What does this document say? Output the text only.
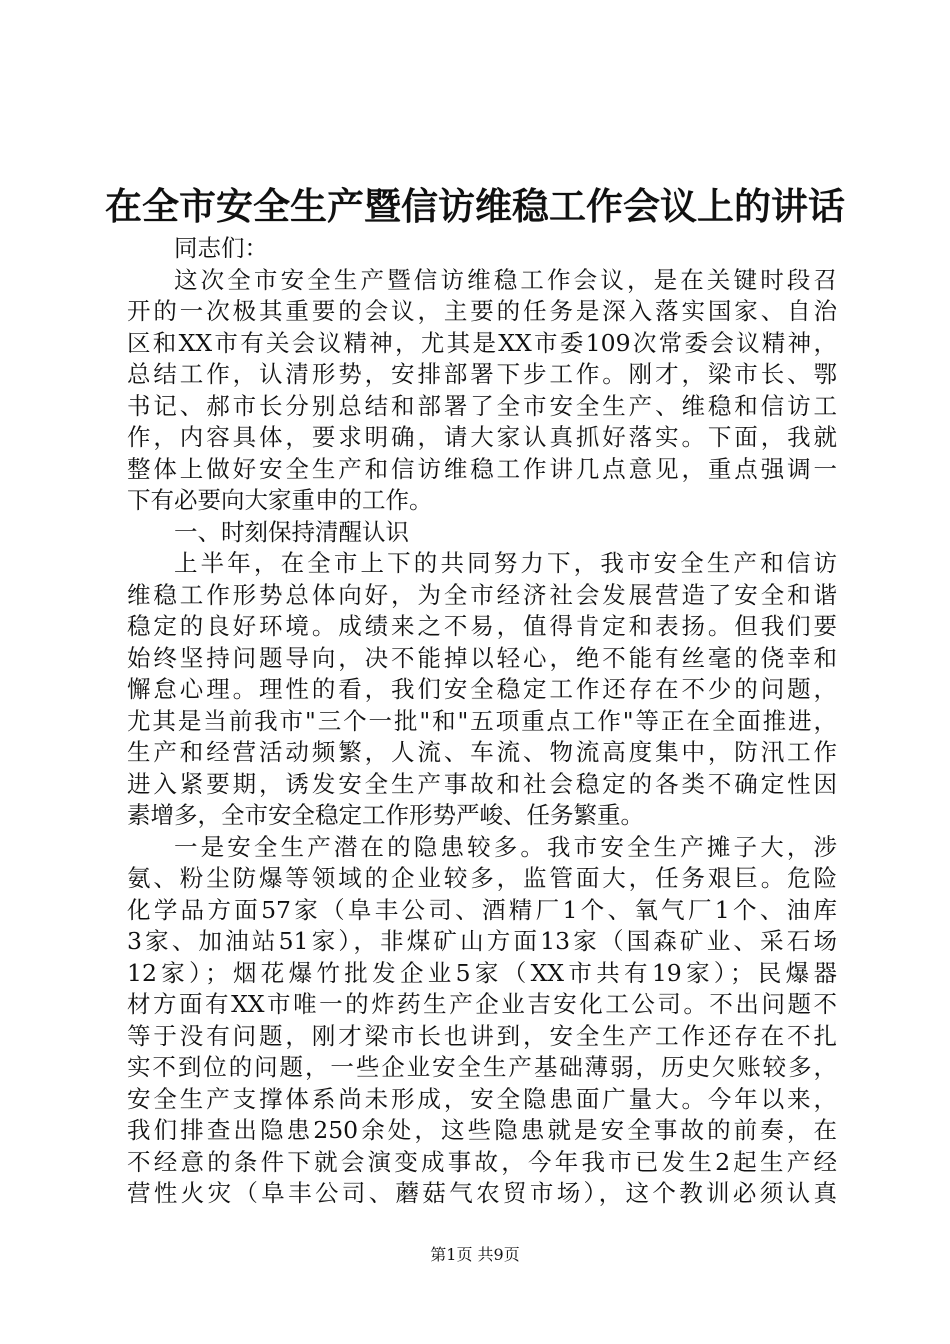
在全市安全生产暨信访维稳工作会议上的讲话
同志们：
这次全市安全生产暨信访维稳工作会议，是在关键时段召
开的一次极其重要的会议，主要的任务是深入落实国家、自治
区和XX市有关会议精神，尤其是XX市委109次常委会议精神，
总结工作，认清形势，安排部署下步工作。刚才，梁市长、鄂
书记、郝市长分别总结和部署了全市安全生产、维稳和信访工
作，内容具体，要求明确，请大家认真抓好落实。下面，我就
整体上做好安全生产和信访维稳工作讲几点意见，重点强调一
下有必要向大家重申的工作。
一、时刻保持清醒认识
上半年，在全市上下的共同努力下，我市安全生产和信访
维稳工作形势总体向好，为全市经济社会发展营造了安全和谐
稳定的良好环境。成绩来之不易，值得肯定和表扬。但我们要
始终坚持问题导向，决不能掉以轻心，绝不能有丝毫的侥幸和
懈怠心理。理性的看，我们安全稳定工作还存在不少的问题，
尤其是当前我市"三个一批"和"五项重点工作"等正在全面推进，
生产和经营活动频繁，人流、车流、物流高度集中，防汛工作
进入紧要期，诱发安全生产事故和社会稳定的各类不确定性因
素增多，全市安全稳定工作形势严峻、任务繁重。
一是安全生产潜在的隐患较多。我市安全生产摊子大，涉
氨、粉尘防爆等领域的企业较多，监管面大，任务艰巨。危险
化学品方面57家（阜丰公司、酒精厂1个、氧气厂1个、油库
3家、加油站51家），非煤矿山方面13家（国森矿业、采石场
12家）；烟花爆竹批发企业5家（XX市共有19家）；民爆器
材方面有XX市唯一的炸药生产企业吉安化工公司。不出问题不
等于没有问题，刚才梁市长也讲到，安全生产工作还存在不扎
实不到位的问题，一些企业安全生产基础薄弱，历史欠账较多，
安全生产支撑体系尚未形成，安全隐患面广量大。今年以来，
我们排查出隐患250余处，这些隐患就是安全事故的前奏，在
不经意的条件下就会演变成事故，今年我市已发生2起生产经
营性火灾（阜丰公司、蘑菇气农贸市场），这个教训必须认真
第1页 共9页
